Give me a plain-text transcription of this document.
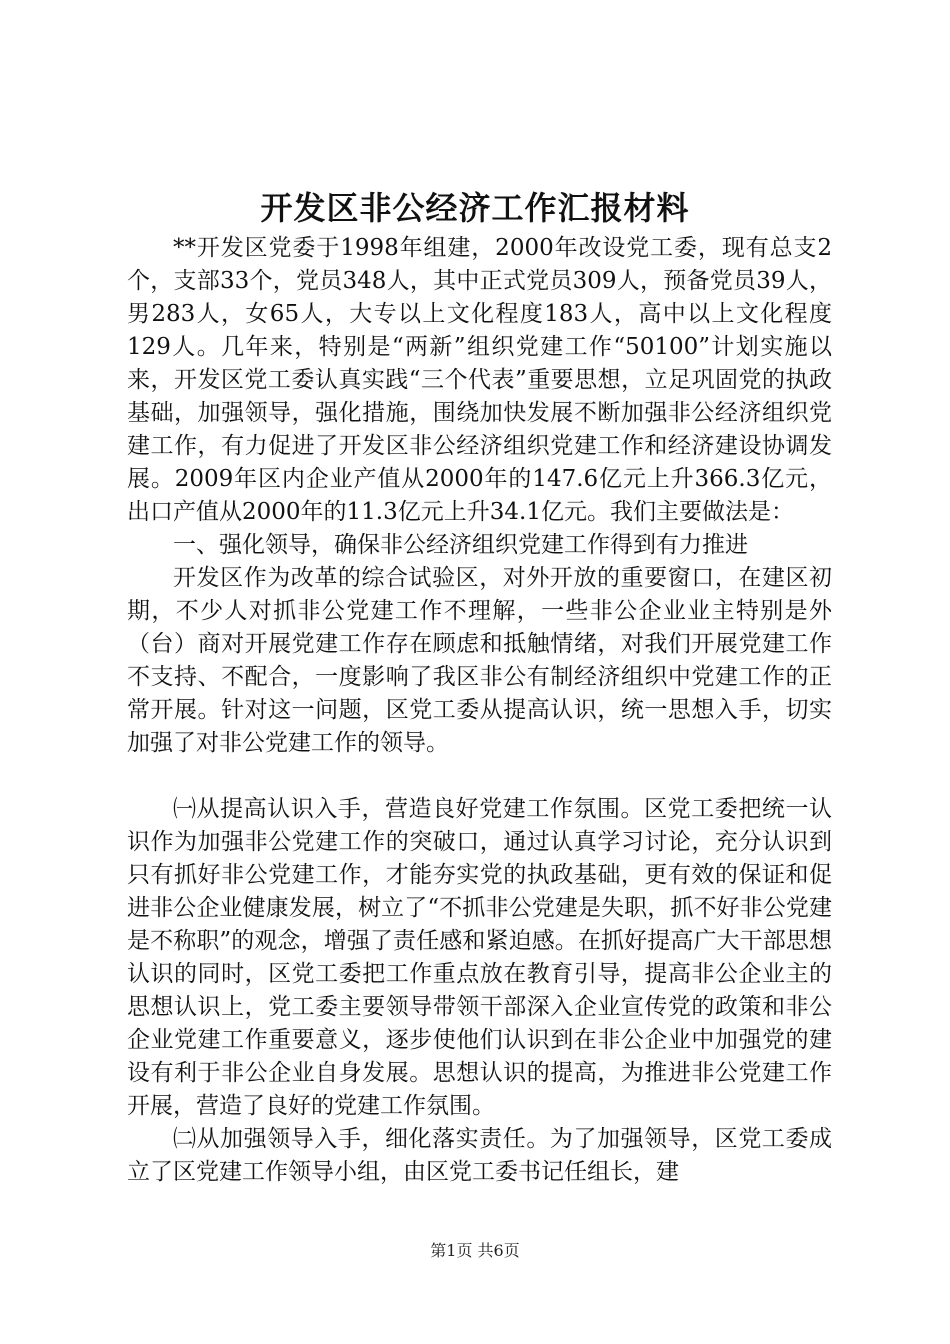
开发区非公经济工作汇报材料

**开发区党委于1998年组建，2000年改设党工委，现有总支2个，支部33个，党员348人，其中正式党员309人，预备党员39人，男283人，女65人，大专以上文化程度183人，高中以上文化程度129人。几年来，特别是“两新”组织党建工作“50100”计划实施以来，开发区党工委认真实践“三个代表”重要思想，立足巩固党的执政基础，加强领导，强化措施，围绕加快发展不断加强非公经济组织党建工作，有力促进了开发区非公经济组织党建工作和经济建设协调发展。2009年区内企业产值从2000年的147.6亿元上升366.3亿元，出口产值从2000年的11.3亿元上升34.1亿元。我们主要做法是：

一、强化领导，确保非公经济组织党建工作得到有力推进

开发区作为改革的综合试验区，对外开放的重要窗口，在建区初期，不少人对抓非公党建工作不理解，一些非公企业业主特别是外（台）商对开展党建工作存在顾虑和抵触情绪，对我们开展党建工作不支持、不配合，一度影响了我区非公有制经济组织中党建工作的正常开展。针对这一问题，区党工委从提高认识，统一思想入手，切实加强了对非公党建工作的领导。

㈠从提高认识入手，营造良好党建工作氛围。区党工委把统一认识作为加强非公党建工作的突破口，通过认真学习讨论，充分认识到只有抓好非公党建工作，才能夯实党的执政基础，更有效的保证和促进非公企业健康发展，树立了“不抓非公党建是失职，抓不好非公党建是不称职”的观念，增强了责任感和紧迫感。在抓好提高广大干部思想认识的同时，区党工委把工作重点放在教育引导，提高非公企业主的思想认识上，党工委主要领导带领干部深入企业宣传党的政策和非公企业党建工作重要意义，逐步使他们认识到在非公企业中加强党的建设有利于非公企业自身发展。思想认识的提高，为推进非公党建工作开展，营造了良好的党建工作氛围。

㈡从加强领导入手，细化落实责任。为了加强领导，区党工委成立了区党建工作领导小组，由区党工委书记任组长，建

第1页 共6页
